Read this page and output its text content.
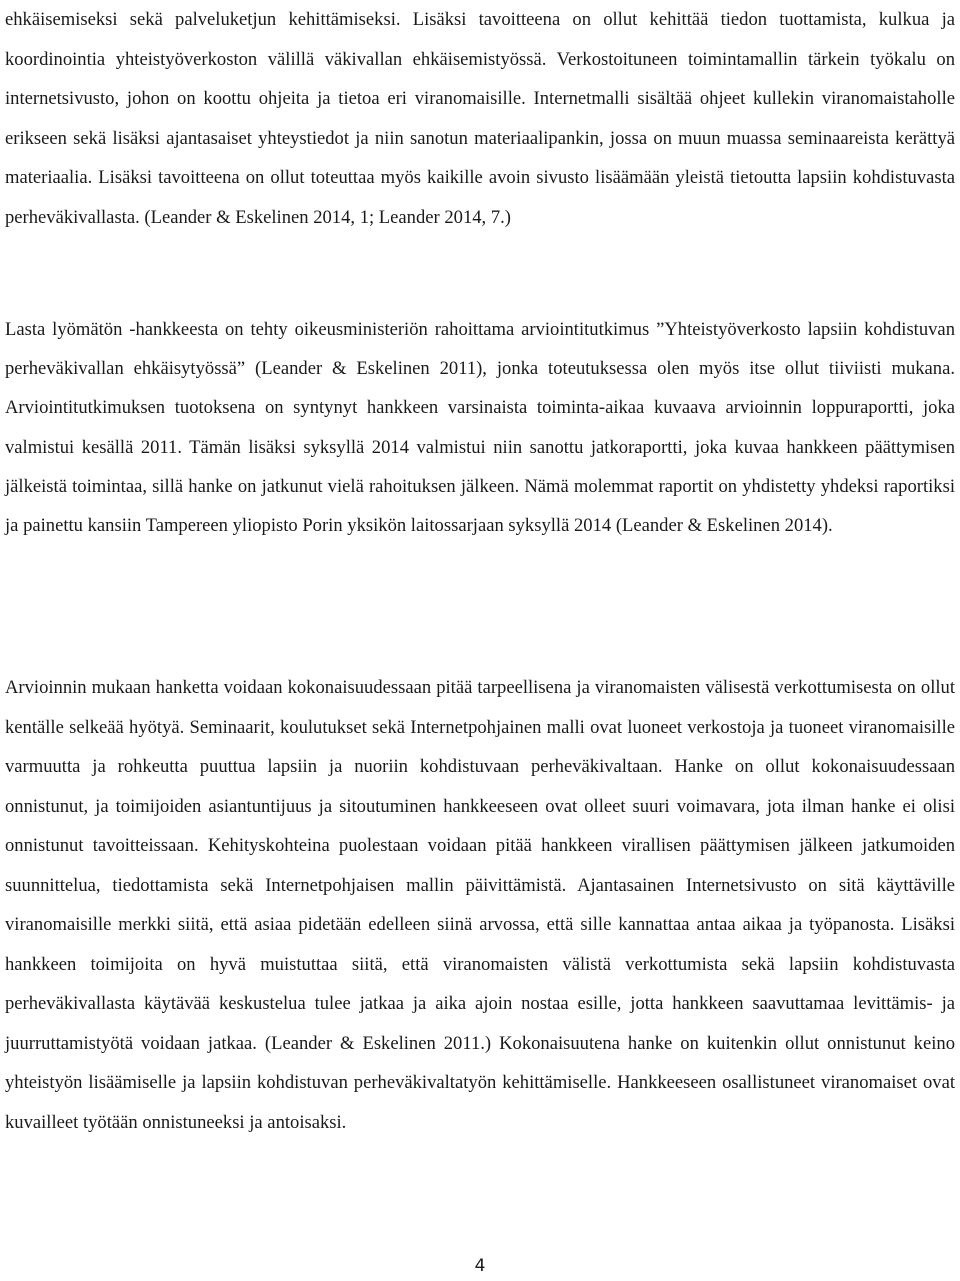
ehkäisemiseksi sekä palveluketjun kehittämiseksi. Lisäksi tavoitteena on ollut kehittää tiedon tuottamista, kulkua ja koordinointia yhteistyöverkoston välillä väkivallan ehkäisemistyössä. Verkostoituneen toimintamallin tärkein työkalu on internetsivusto, johon on koottu ohjeita ja tietoa eri viranomaisille. Internetmalli sisältää ohjeet kullekin viranomaistaholle erikseen sekä lisäksi ajantasaiset yhteystiedot ja niin sanotun materiaalipankin, jossa on muun muassa seminaareista kerättyä materiaalia. Lisäksi tavoitteena on ollut toteuttaa myös kaikille avoin sivusto lisäämään yleistä tietoutta lapsiin kohdistuvasta perheväkivallasta. (Leander & Eskelinen 2014, 1; Leander 2014, 7.)

Lasta lyömätön -hankkeesta on tehty oikeusministeriön rahoittama arviointitutkimus ”Yhteistyöverkosto lapsiin kohdistuvan perheväkivallan ehkäisytyössä” (Leander & Eskelinen 2011), jonka toteutuksessa olen myös itse ollut tiiviisti mukana. Arviointitutkimuksen tuotoksena on syntynyt hankkeen varsinaista toiminta-aikaa kuvaava arvioinnin loppuraportti, joka valmistui kesällä 2011. Tämän lisäksi syksyllä 2014 valmistui niin sanottu jatkoraportti, joka kuvaa hankkeen päättymisen jälkeistä toimintaa, sillä hanke on jatkunut vielä rahoituksen jälkeen. Nämä molemmat raportit on yhdistetty yhdeksi raportiksi ja painettu kansiin Tampereen yliopisto Porin yksikön laitossarjaan syksyllä 2014 (Leander & Eskelinen 2014).

Arvioinnin mukaan hanketta voidaan kokonaisuudessaan pitää tarpeellisena ja viranomaisten välisestä verkottumisesta on ollut kentälle selkeää hyötyä. Seminaarit, koulutukset sekä Internetpohjainen malli ovat luoneet verkostoja ja tuoneet viranomaisille varmuutta ja rohkeutta puuttua lapsiin ja nuoriin kohdistuvaan perheväkivaltaan. Hanke on ollut kokonaisuudessaan onnistunut, ja toimijoiden asiantuntijuus ja sitoutuminen hankkeeseen ovat olleet suuri voimavara, jota ilman hanke ei olisi onnistunut tavoitteissaan. Kehityskohteina puolestaan voidaan pitää hankkeen virallisen päättymisen jälkeen jatkumoiden suunnittelua, tiedottamista sekä Internetpohjaisen mallin päivittämistä. Ajantasainen Internetsivusto on sitä käyttäville viranomaisille merkki siitä, että asiaa pidetään edelleen siinä arvossa, että sille kannattaa antaa aikaa ja työpanosta. Lisäksi hankkeen toimijoita on hyvä muistuttaa siitä, että viranomaisten välistä verkottumista sekä lapsiin kohdistuvasta perheväkivallasta käytävää keskustelua tulee jatkaa ja aika ajoin nostaa esille, jotta hankkeen saavuttamaa levittämis- ja juurruttamistyötä voidaan jatkaa. (Leander & Eskelinen 2011.) Kokonaisuutena hanke on kuitenkin ollut onnistunut keino yhteistyön lisäämiselle ja lapsiin kohdistuvan perheväkivaltatyön kehittämiselle. Hankkeeseen osallistuneet viranomaiset ovat kuvailleet työtään onnistuneeksi ja antoisaksi.

4
